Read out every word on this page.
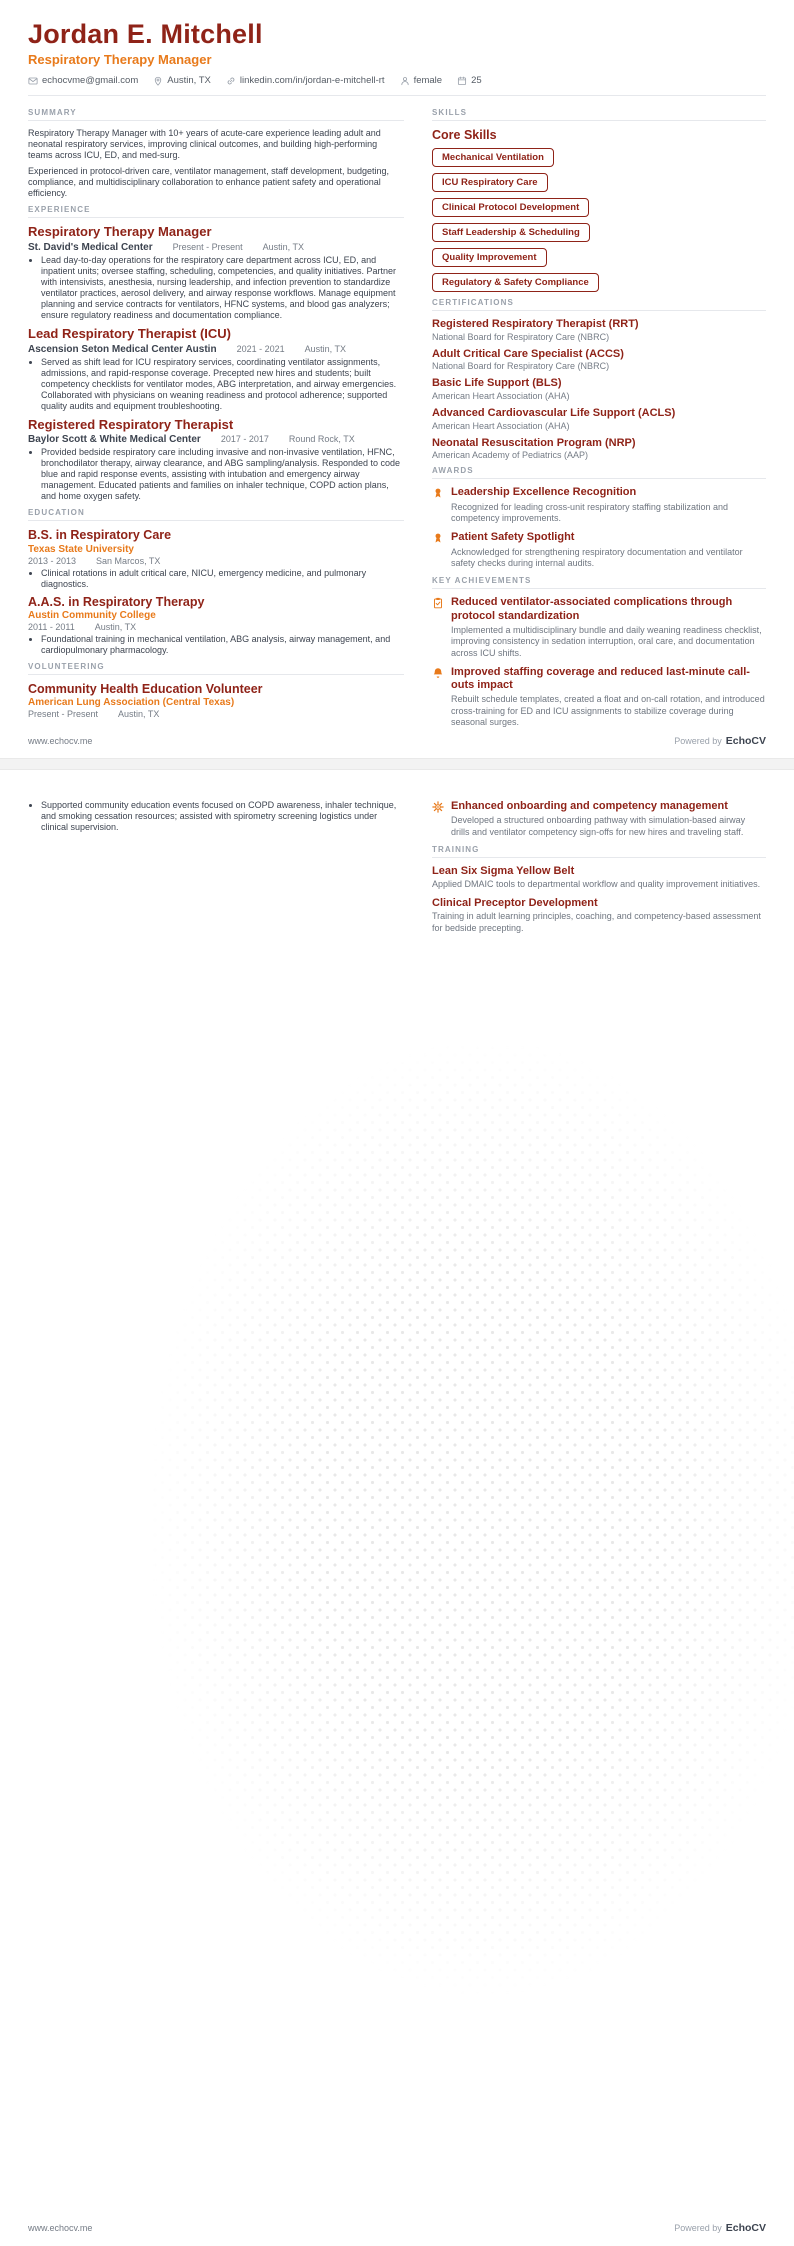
Jordan E. Mitchell
Respiratory Therapy Manager
echocvme@gmail.com	Austin, TX	linkedin.com/in/jordan-e-mitchell-rt	female	25
SUMMARY

Respiratory Therapy Manager with 10+ years of acute-care experience leading adult and neonatal respiratory services, improving clinical outcomes, and building high-performing teams across ICU, ED, and med-surg.

Experienced in protocol-driven care, ventilator management, staff development, budgeting, compliance, and multidisciplinary collaboration to enhance patient safety and operational efficiency.

EXPERIENCE
Respiratory Therapy Manager
St. David's Medical Center Present - Present Austin, TX
• Lead day-to-day operations for the respiratory care department across ICU, ED, and inpatient units; oversee staffing, scheduling, competencies, and quality initiatives. Partner with intensivists, anesthesia, nursing leadership, and infection prevention to standardize ventilator practices, aerosol delivery, and airway response workflows. Manage equipment planning and service contracts for ventilators, HFNC systems, and blood gas analyzers; ensure regulatory readiness and documentation compliance.
Lead Respiratory Therapist (ICU)
Ascension Seton Medical Center Austin 2021 - 2021 Austin, TX
• Served as shift lead for ICU respiratory services, coordinating ventilator assignments, admissions, and rapid-response coverage. Precepted new hires and students; built competency checklists for ventilator modes, ABG interpretation, and airway emergencies. Collaborated with physicians on weaning readiness and protocol adherence; supported quality audits and equipment troubleshooting.
Registered Respiratory Therapist
Baylor Scott & White Medical Center 2017 - 2017 Round Rock, TX
• Provided bedside respiratory care including invasive and non-invasive ventilation, HFNC, bronchodilator therapy, airway clearance, and ABG sampling/analysis. Responded to code blue and rapid response events, assisting with intubation and emergency airway management. Educated patients and families on inhaler technique, COPD action plans, and home oxygen safety.
EDUCATION
B.S. in Respiratory Care
Texas State University
2013 - 2013 San Marcos, TX
• Clinical rotations in adult critical care, NICU, emergency medicine, and pulmonary diagnostics.
A.A.S. in Respiratory Therapy
Austin Community College
2011 - 2011 Austin, TX
• Foundational training in mechanical ventilation, ABG analysis, airway management, and cardiopulmonary pharmacology.
VOLUNTEERING
Community Health Education Volunteer
American Lung Association (Central Texas)
Present - Present Austin, TX
SKILLS
Core Skills
Mechanical Ventilation
ICU Respiratory Care
Clinical Protocol Development
Staff Leadership & Scheduling
Quality Improvement
Regulatory & Safety Compliance
CERTIFICATIONS
Registered Respiratory Therapist (RRT)
National Board for Respiratory Care (NBRC)
Adult Critical Care Specialist (ACCS)
National Board for Respiratory Care (NBRC)
Basic Life Support (BLS)
American Heart Association (AHA)
Advanced Cardiovascular Life Support (ACLS)
American Heart Association (AHA)
Neonatal Resuscitation Program (NRP)
American Academy of Pediatrics (AAP)
AWARDS
Leadership Excellence Recognition
Recognized for leading cross-unit respiratory staffing stabilization and competency improvements.
Patient Safety Spotlight
Acknowledged for strengthening respiratory documentation and ventilator safety checks during internal audits.
KEY ACHIEVEMENTS
Reduced ventilator-associated complications through protocol standardization
Implemented a multidisciplinary bundle and daily weaning readiness checklist, improving consistency in sedation interruption, oral care, and documentation across ICU shifts.
Improved staffing coverage and reduced last-minute call-outs impact
Rebuilt schedule templates, created a float and on-call rotation, and introduced cross-training for ED and ICU assignments to stabilize coverage during seasonal surges.
www.echocv.me	Powered by EchoCV
• Supported community education events focused on COPD awareness, inhaler technique, and smoking cessation resources; assisted with spirometry screening logistics under clinical supervision.
Enhanced onboarding and competency management
Developed a structured onboarding pathway with simulation-based airway drills and ventilator competency sign-offs for new hires and traveling staff.
TRAINING
Lean Six Sigma Yellow Belt
Applied DMAIC tools to departmental workflow and quality improvement initiatives.
Clinical Preceptor Development
Training in adult learning principles, coaching, and competency-based assessment for bedside precepting.
www.echocv.me	Powered by EchoCV
